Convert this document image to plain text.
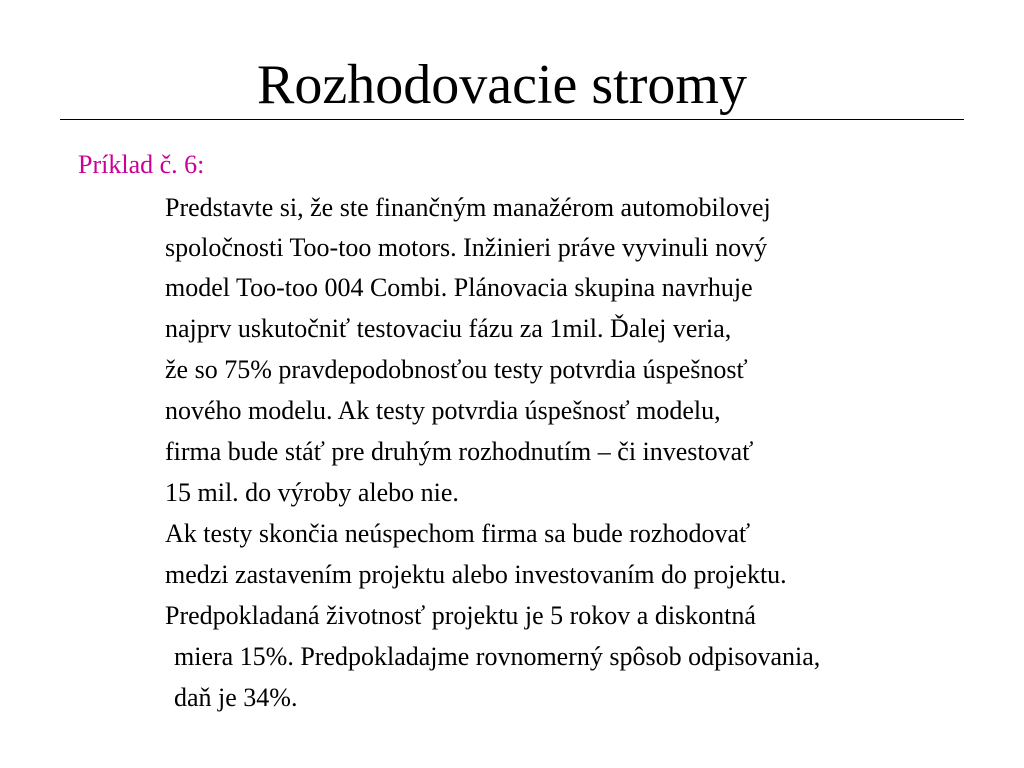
Rozhodovacie stromy
Príklad č. 6:
Predstavte si, že ste finančným manažérom automobilovej
spoločnosti Too-too motors. Inžinieri práve vyvinuli nový
model Too-too 004 Combi. Plánovacia skupina navrhuje
najprv uskutočniť testovaciu fázu za 1mil. Ďalej veria,
že so 75% pravdepodobnosťou testy potvrdia úspešnosť
nového modelu. Ak testy potvrdia úspešnosť modelu,
firma bude stáť pre druhým rozhodnutím – či investovať
15 mil. do výroby alebo nie.
Ak testy skončia neúspechom firma sa bude rozhodovať
medzi zastavením projektu alebo investovaním do projektu.
Predpokladaná životnosť projektu je 5 rokov a diskontná
miera 15%. Predpokladajme rovnomerný spôsob odpisovania,
daň je 34%.
